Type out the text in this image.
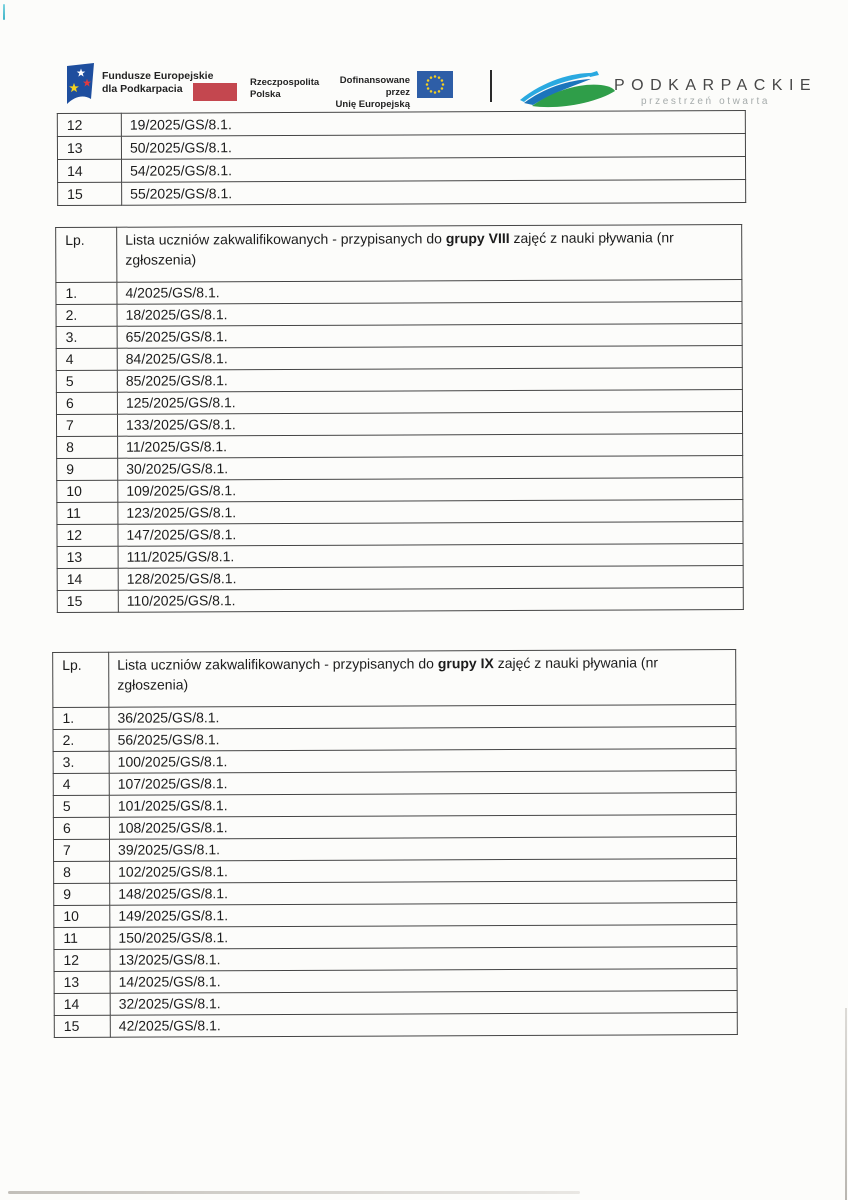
Fundusze Europejskie
dla Podkarpacia
Rzeczpospolita
Polska
Dofinansowane przez
Unię Europejską
PODKARPACKIE
przestrzeń otwarta
12	19/2025/GS/8.1.
13	50/2025/GS/8.1.
14	54/2025/GS/8.1.
15	55/2025/GS/8.1.
Lp.	Lista uczniów zakwalifikowanych - przypisanych do grupy VIII zajęć z nauki pływania (nr
zgłoszenia)
1.	4/2025/GS/8.1.
2.	18/2025/GS/8.1.
3.	65/2025/GS/8.1.
4	84/2025/GS/8.1.
5	85/2025/GS/8.1.
6	125/2025/GS/8.1.
7	133/2025/GS/8.1.
8	11/2025/GS/8.1.
9	30/2025/GS/8.1.
10	109/2025/GS/8.1.
11	123/2025/GS/8.1.
12	147/2025/GS/8.1.
13	111/2025/GS/8.1.
14	128/2025/GS/8.1.
15	110/2025/GS/8.1.
Lp.	Lista uczniów zakwalifikowanych - przypisanych do grupy IX zajęć z nauki pływania (nr
zgłoszenia)
1.	36/2025/GS/8.1.
2.	56/2025/GS/8.1.
3.	100/2025/GS/8.1.
4	107/2025/GS/8.1.
5	101/2025/GS/8.1.
6	108/2025/GS/8.1.
7	39/2025/GS/8.1.
8	102/2025/GS/8.1.
9	148/2025/GS/8.1.
10	149/2025/GS/8.1.
11	150/2025/GS/8.1.
12	13/2025/GS/8.1.
13	14/2025/GS/8.1.
14	32/2025/GS/8.1.
15	42/2025/GS/8.1.
